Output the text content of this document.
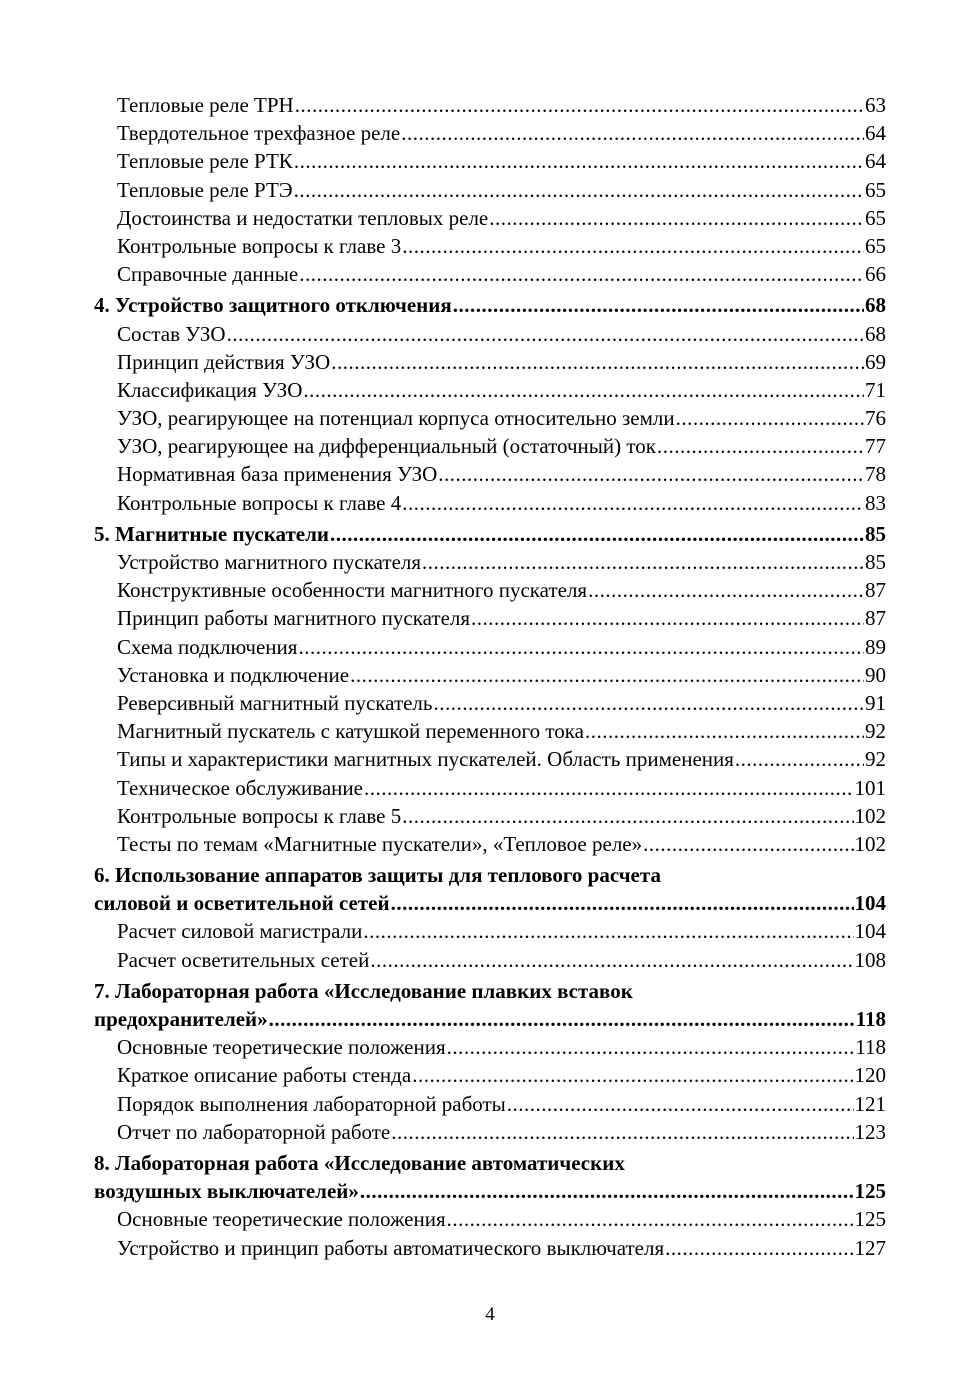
Тепловые реле ТРН .....	63
Твердотельное трехфазное реле .....	64
Тепловые реле РТК .....	64
Тепловые реле РТЭ .....	65
Достоинства и недостатки тепловых реле .....	65
Контрольные вопросы к главе 3 .....	65
Справочные данные .....	66
4. Устройство защитного отключения .....	68
Состав УЗО .....	68
Принцип действия УЗО .....	69
Классификация УЗО .....	71
УЗО, реагирующее на потенциал корпуса относительно земли .....	76
УЗО, реагирующее на дифференциальный (остаточный) ток .....	77
Нормативная база применения УЗО .....	78
Контрольные вопросы к главе 4 .....	83
5. Магнитные пускатели .....	85
Устройство магнитного пускателя .....	85
Конструктивные особенности магнитного пускателя .....	87
Принцип работы магнитного пускателя .....	87
Схема подключения .....	89
Установка и подключение .....	90
Реверсивный магнитный пускатель .....	91
Магнитный пускатель с катушкой переменного тока .....	92
Типы и характеристики магнитных пускателей. Область применения .....	92
Техническое обслуживание .....	101
Контрольные вопросы к главе 5 .....	102
Тесты по темам «Магнитные пускатели», «Тепловое реле» .....	102
6. Использование аппаратов защиты для теплового расчета
силовой и осветительной сетей .....	104
Расчет силовой магистрали .....	104
Расчет осветительных сетей .....	108
7. Лабораторная работа «Исследование плавких вставок
предохранителей» .....	118
Основные теоретические положения .....	118
Краткое описание работы стенда .....	120
Порядок выполнения лабораторной работы .....	121
Отчет по лабораторной работе .....	123
8. Лабораторная работа «Исследование автоматических
воздушных выключателей» .....	125
Основные теоретические положения .....	125
Устройство и принцип работы автоматического выключателя .....	127
4
